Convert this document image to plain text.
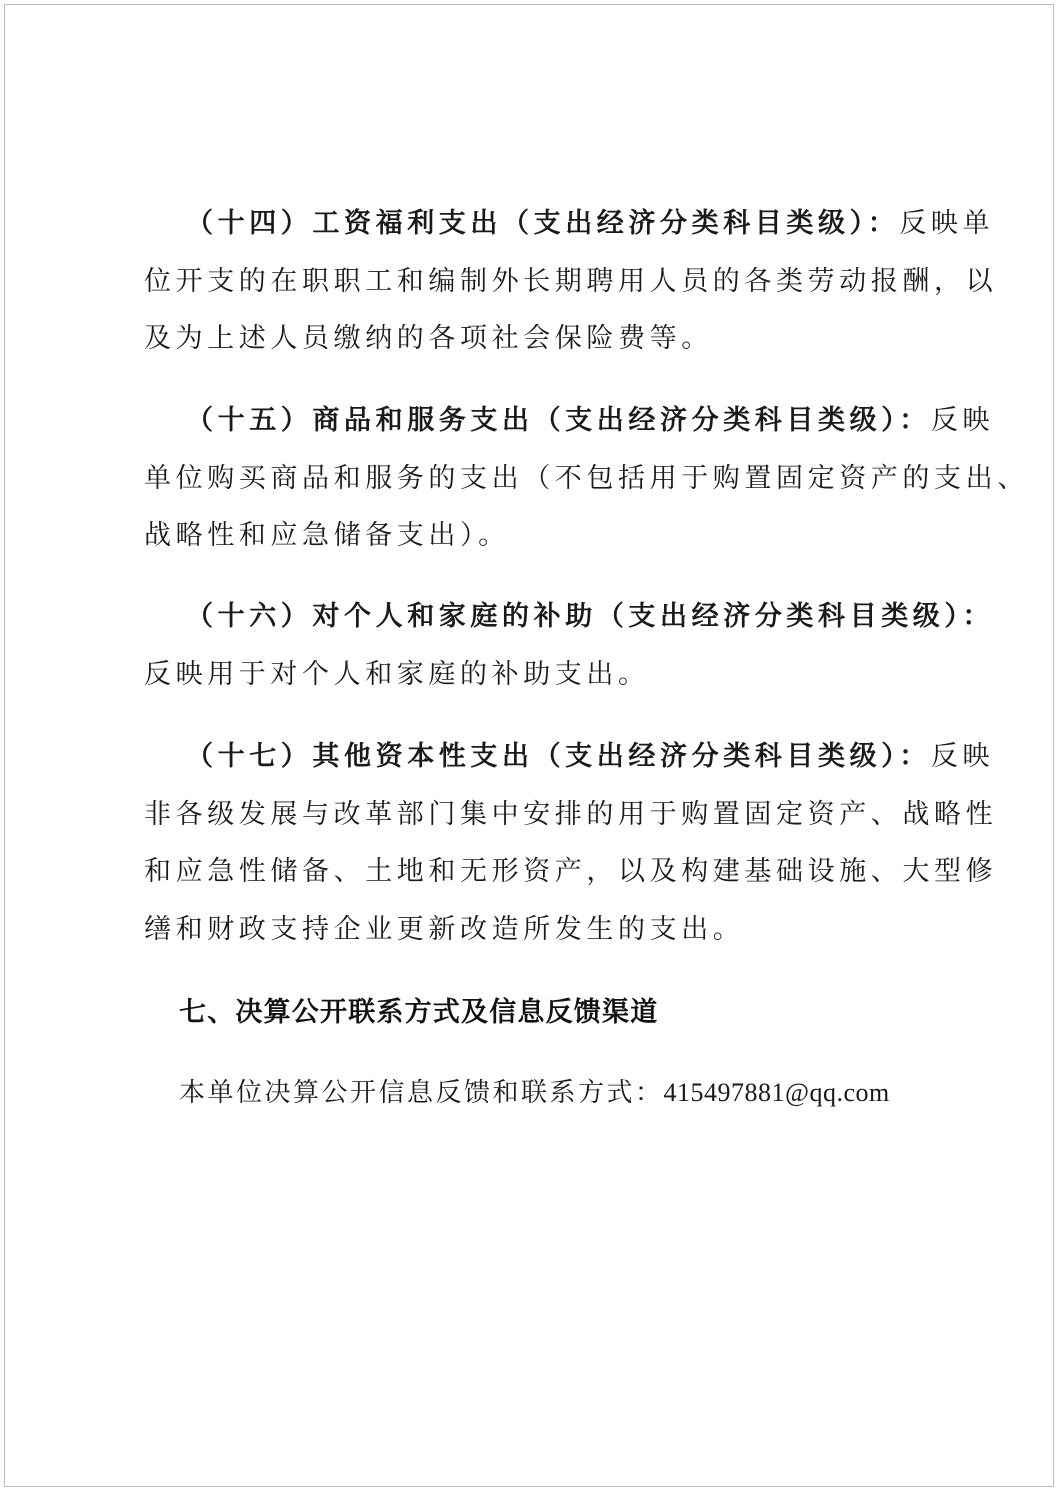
（十四）工资福利支出（支出经济分类科目类级）：反映单
位开支的在职职工和编制外长期聘用人员的各类劳动报酬，以
及为上述人员缴纳的各项社会保险费等。
（十五）商品和服务支出（支出经济分类科目类级）：反映
单位购买商品和服务的支出（不包括用于购置固定资产的支出、
战略性和应急储备支出）。
（十六）对个人和家庭的补助（支出经济分类科目类级）：
反映用于对个人和家庭的补助支出。
（十七）其他资本性支出（支出经济分类科目类级）：反映
非各级发展与改革部门集中安排的用于购置固定资产、战略性
和应急性储备、土地和无形资产，以及构建基础设施、大型修
缮和财政支持企业更新改造所发生的支出。
七、决算公开联系方式及信息反馈渠道
本单位决算公开信息反馈和联系方式：415497881@qq.com
